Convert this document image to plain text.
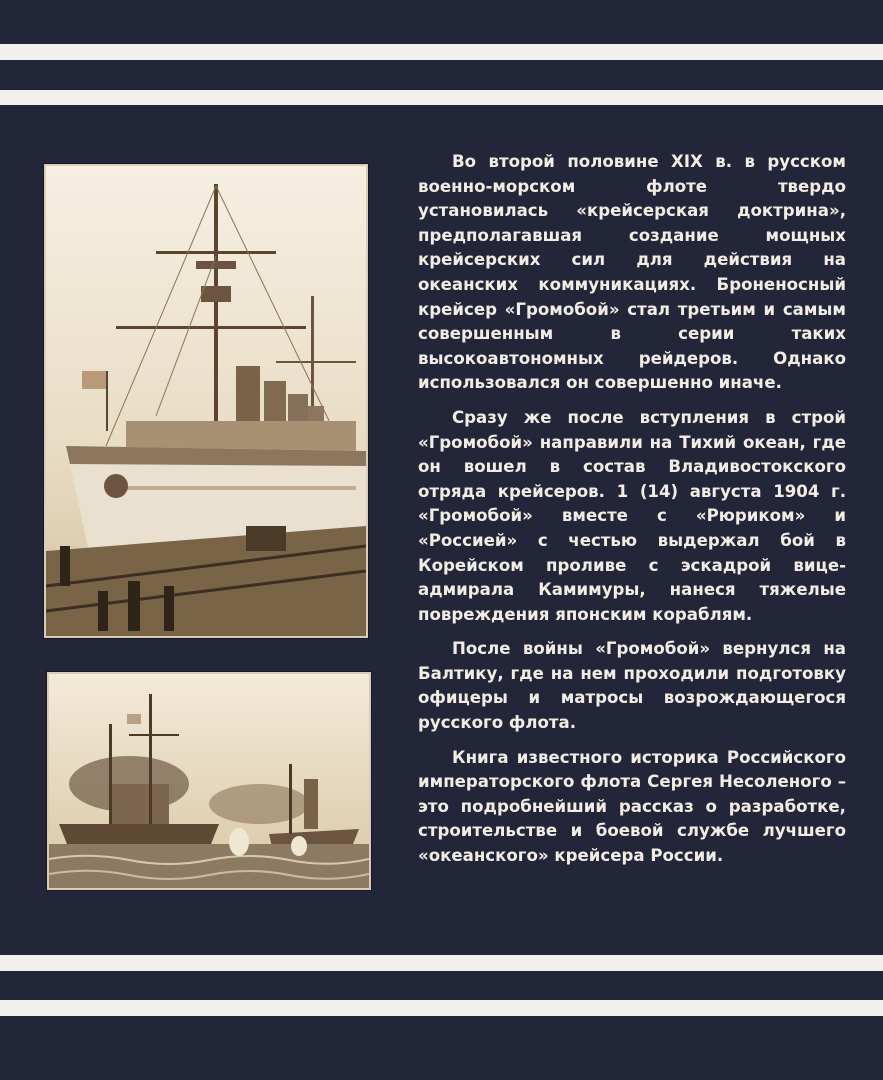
Во второй половине XIX в. в русском военно-морском флоте твердо установилась «крейсерская доктрина», предполагавшая создание мощных крейсерских сил для действия на океанских коммуникациях. Броненосный крейсер «Громобой» стал третьим и самым совершенным в серии таких высокоавтономных рейдеров. Однако использовался он совершенно иначе.

Сразу же после вступления в строй «Громобой» направили на Тихий океан, где он вошел в состав Владивостокского отряда крейсеров. 1 (14) августа 1904 г. «Громобой» вместе с «Рюриком» и «Россией» с честью выдержал бой в Корейском проливе с эскадрой вице-адмирала Камимуры, нанеся тяжелые повреждения японским кораблям.

После войны «Громобой» вернулся на Балтику, где на нем проходили подготовку офицеры и матросы возрождающегося русского флота.

Книга известного историка Российского императорского флота Сергея Несоленого – это подробнейший рассказ о разработке, строительстве и боевой службе лучшего «океанского» крейсера России.
